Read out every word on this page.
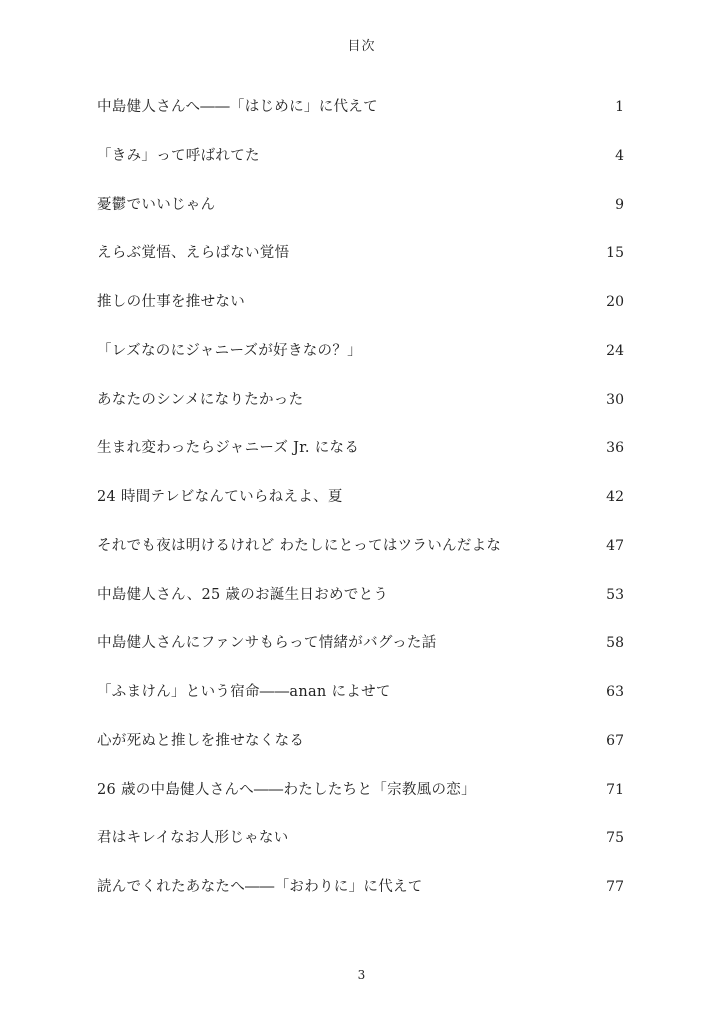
目次
中島健人さんへ――「はじめに」に代えて	1
「きみ」って呼ばれてた	4
憂鬱でいいじゃん	9
えらぶ覚悟、えらばない覚悟	15
推しの仕事を推せない	20
「レズなのにジャニーズが好きなの？」	24
あなたのシンメになりたかった	30
生まれ変わったらジャニーズ Jr. になる	36
24 時間テレビなんていらねえよ、夏	42
それでも夜は明けるけれど わたしにとってはツラいんだよな	47
中島健人さん、25 歳のお誕生日おめでとう	53
中島健人さんにファンサもらって情緒がバグった話	58
「ふまけん」という宿命――anan によせて	63
心が死ぬと推しを推せなくなる	67
26 歳の中島健人さんへ――わたしたちと「宗教風の恋」	71
君はキレイなお人形じゃない	75
読んでくれたあなたへ――「おわりに」に代えて	77
3
